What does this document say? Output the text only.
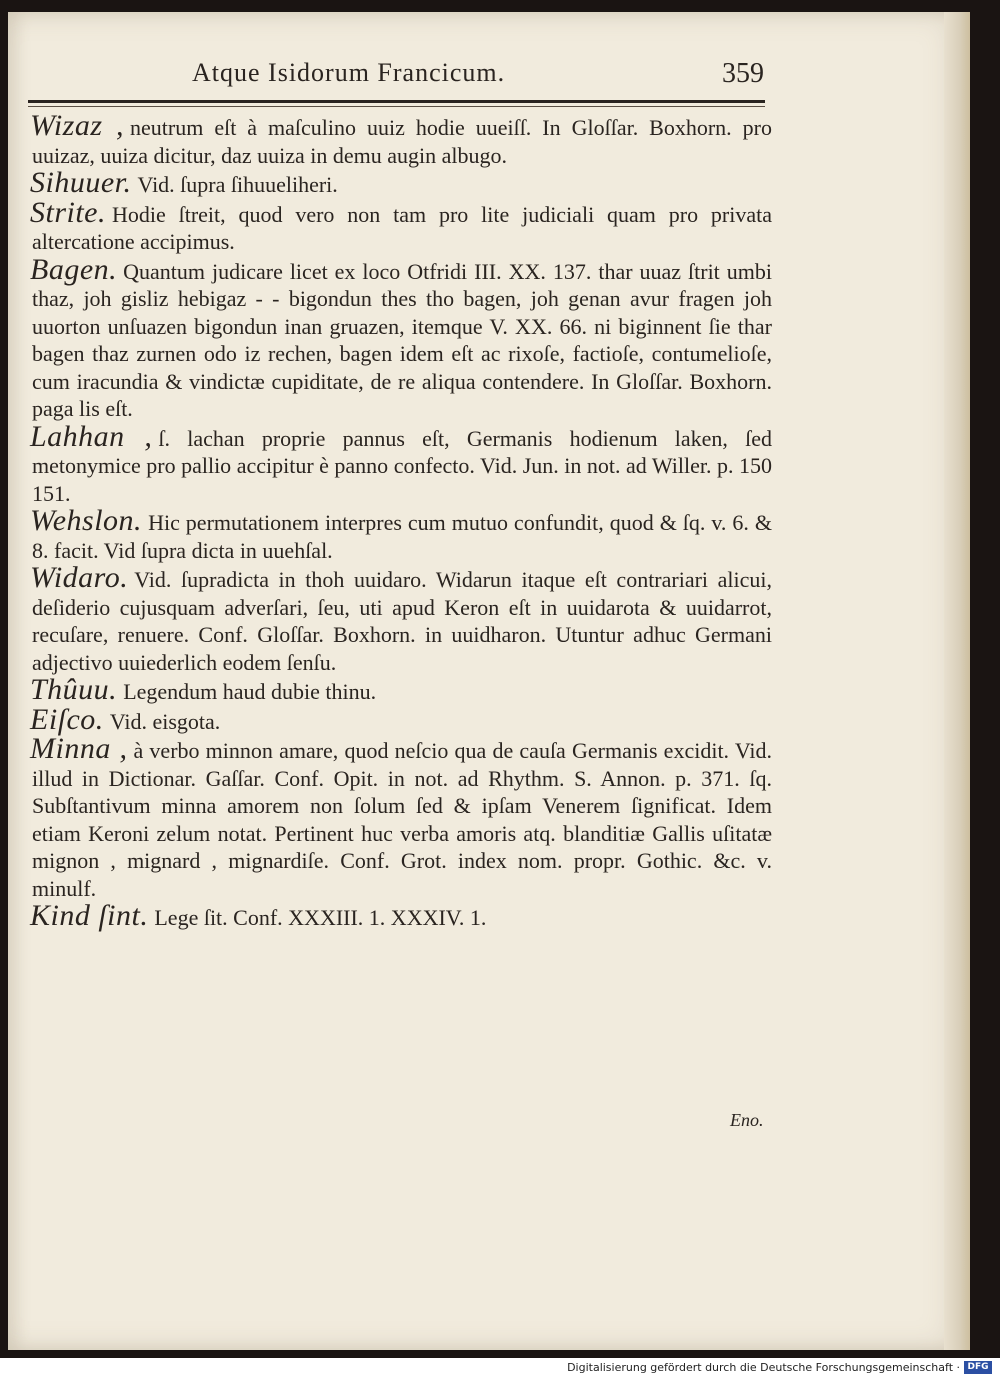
Atque Isidorum Francicum.	359

Wizaz , neutrum eſt à maſculino uuiz hodie uueiſſ. In Gloſſar. Boxhorn. pro uuizaz, uuiza dicitur, daz uuiza in demu augin albugo.

Sihuuer. Vid. ſupra ſihuueliheri.

Strite. Hodie ſtreit, quod vero non tam pro lite judiciali quam pro privata altercatione accipimus.

Bagen. Quantum judicare licet ex loco Otfridi III. XX. 137. thar uuaz ſtrit umbi thaz, joh gisliz hebigaz - - bigondun thes tho bagen, joh genan avur fragen joh uuorton unſuazen bigondun inan gruazen, itemque V. XX. 66. ni biginnent ſie thar bagen thaz zurnen odo iz rechen, bagen idem eſt ac rixoſe, factioſe, contumelioſe, cum iracundia & vindictæ cupiditate, de re aliqua contendere. In Gloſſar. Boxhorn. paga lis eſt.

Lahhan , ſ. lachan proprie pannus eſt, Germanis hodienum laken, ſed metonymice pro pallio accipitur è panno confecto. Vid. Jun. in not. ad Willer. p. 150 151.

Wehslon. Hic permutationem interpres cum mutuo confundit, quod & ſq. v. 6. & 8. facit. Vid ſupra dicta in uuehſal.

Widaro. Vid. ſupradicta in thoh uuidaro. Widarun itaque eſt contrariari alicui, deſiderio cujusquam adverſari, ſeu, uti apud Keron eſt in uuidarota & uuidarrot, recuſare, renuere. Conf. Gloſſar. Boxhorn. in uuidharon. Utuntur adhuc Germani adjectivo uuiederlich eodem ſenſu.

Thûuu. Legendum haud dubie thinu.

Eiſco. Vid. eisgota.

Minna , à verbo minnon amare, quod neſcio qua de cauſa Germanis excidit. Vid. illud in Dictionar. Gaſſar. Conf. Opit. in not. ad Rhythm. S. Annon. p. 371. ſq. Subſtantivum minna amorem non ſolum ſed & ipſam Venerem ſignificat. Idem etiam Keroni zelum notat. Pertinent huc verba amoris atq. blanditiæ Gallis uſitatæ mignon , mignard , mignardiſe. Conf. Grot. index nom. propr. Gothic. &c. v. minulf.

Kind ſint. Lege ſit. Conf. XXXIII. 1. XXXIV. 1.

Eno.
Digitalisierung gefördert durch die Deutsche Forschungsgemeinschaft · DFG
